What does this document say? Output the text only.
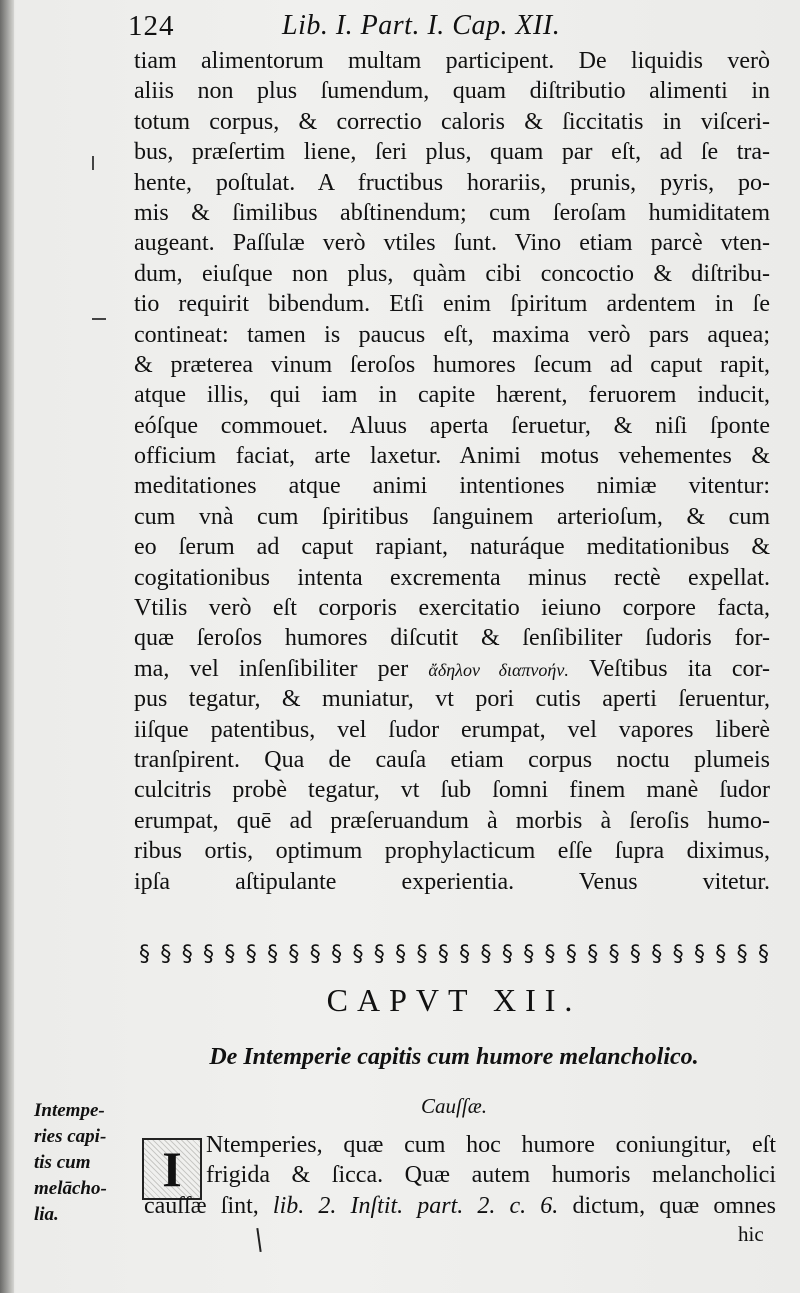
124	Lib. I. Part. I. Cap. XII.
tiam alimentorum multam participent. De liquidis verò
aliis non plus ſumendum, quam diſtributio alimenti in
totum corpus, & correctio caloris & ſiccitatis in viſceri-
bus, præſertim liene, ſeri plus, quam par eſt, ad ſe tra-
hente, poſtulat. A fructibus horariis, prunis, pyris, po-
mis & ſimilibus abſtinendum; cum ſeroſam humiditatem
augeant. Paſſulæ verò vtiles ſunt. Vino etiam parcè vten-
dum, eiuſque non plus, quàm cibi concoctio & diſtribu-
tio requirit bibendum. Etſi enim ſpiritum ardentem in ſe
contineat: tamen is paucus eſt, maxima verò pars aquea;
& præterea vinum ſeroſos humores ſecum ad caput rapit,
atque illis, qui iam in capite hærent, feruorem inducit,
eóſque commouet. Aluus aperta ſeruetur, & niſi ſponte
officium faciat, arte laxetur. Animi motus vehementes &
meditationes atque animi intentiones nimiæ vitentur:
cum vnà cum ſpiritibus ſanguinem arterioſum, & cum
eo ſerum ad caput rapiant, naturáque meditationibus &
cogitationibus intenta excrementa minus rectè expellat.
Vtilis verò eſt corporis exercitatio ieiuno corpore facta,
quæ ſeroſos humores diſcutit & ſenſibiliter ſudoris for-
ma, vel inſenſibiliter per ἄδηλον διαπνοήν. Veſtibus ita cor-
pus tegatur, & muniatur, vt pori cutis aperti ſeruentur,
iiſque patentibus, vel ſudor erumpat, vel vapores liberè
tranſpirent. Qua de cauſa etiam corpus noctu plumeis
culcitris probè tegatur, vt ſub ſomni finem manè ſudor
erumpat, quē ad præſeruandum à morbis à ſeroſis humo-
ribus ortis, optimum prophylacticum eſſe ſupra diximus,
ipſa aſtipulante experientia. Venus vitetur.
§ § § § § § § § § § § § § § § § § § § § § § § § § § § § § §
CAPVT XII.
De Intemperie capitis cum humore melancholico.
Cauſſæ.
Intempe-
ries capi-
tis cum
melācho-
lia.
I	Ntemperies, quæ cum hoc humore coniungitur, eſt
frigida & ſicca. Quæ autem humoris melancholici
cauſſæ ſint, lib. 2. Inſtit. part. 2. c. 6. dictum, quæ omnes
hic
